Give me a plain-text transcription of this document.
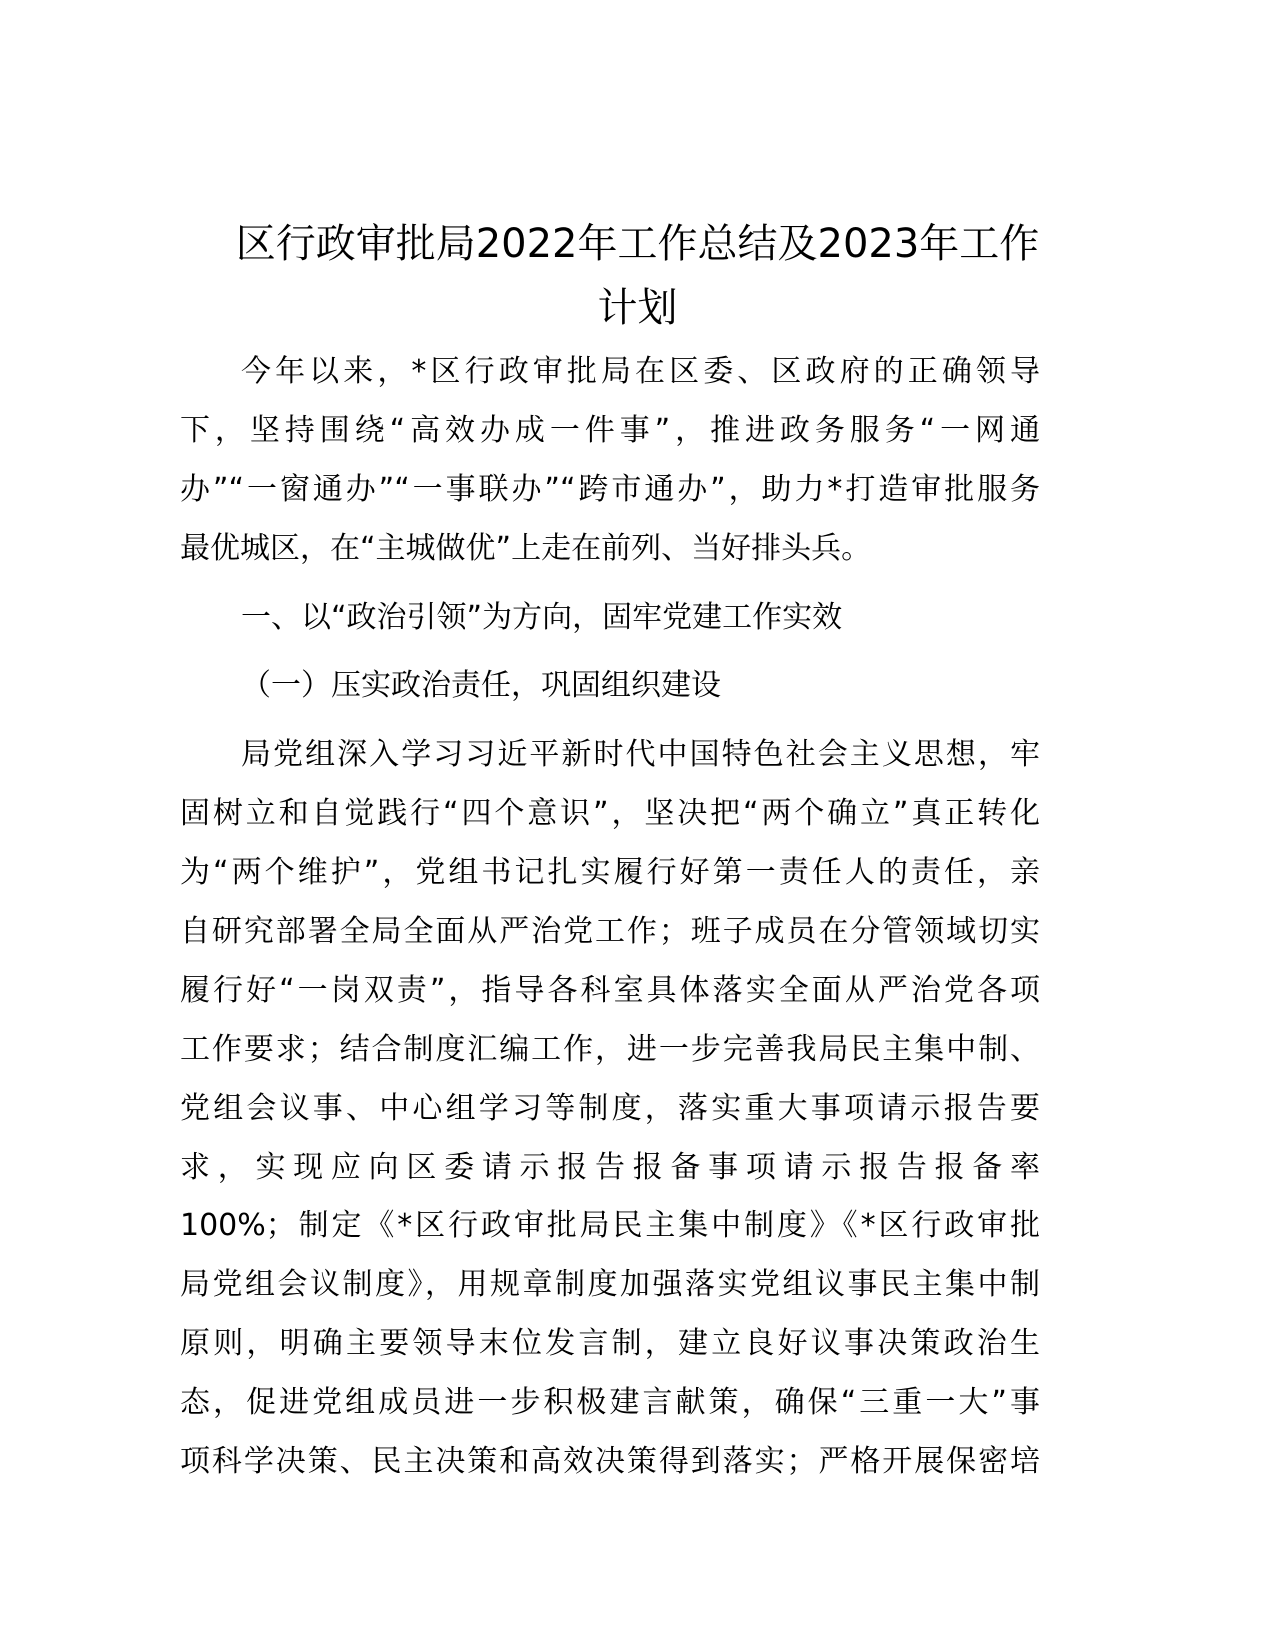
区行政审批局2022年工作总结及2023年工作
计划
今年以来，*区行政审批局在区委、区政府的正确领导
下，坚持围绕“高效办成一件事”，推进政务服务“一网通
办”“一窗通办”“一事联办”“跨市通办”，助力*打造审批服务
最优城区，在“主城做优”上走在前列、当好排头兵。
一、以“政治引领”为方向，固牢党建工作实效
（一）压实政治责任，巩固组织建设
局党组深入学习习近平新时代中国特色社会主义思想，牢
固树立和自觉践行“四个意识”，坚决把“两个确立”真正转化
为“两个维护”，党组书记扎实履行好第一责任人的责任，亲
自研究部署全局全面从严治党工作；班子成员在分管领域切实
履行好“一岗双责”，指导各科室具体落实全面从严治党各项
工作要求；结合制度汇编工作，进一步完善我局民主集中制、
党组会议事、中心组学习等制度，落实重大事项请示报告要
求，实现应向区委请示报告报备事项请示报告报备率
100%；制定《*区行政审批局民主集中制度》《*区行政审批
局党组会议制度》，用规章制度加强落实党组议事民主集中制
原则，明确主要领导末位发言制，建立良好议事决策政治生
态，促进党组成员进一步积极建言献策，确保“三重一大”事
项科学决策、民主决策和高效决策得到落实；严格开展保密培
